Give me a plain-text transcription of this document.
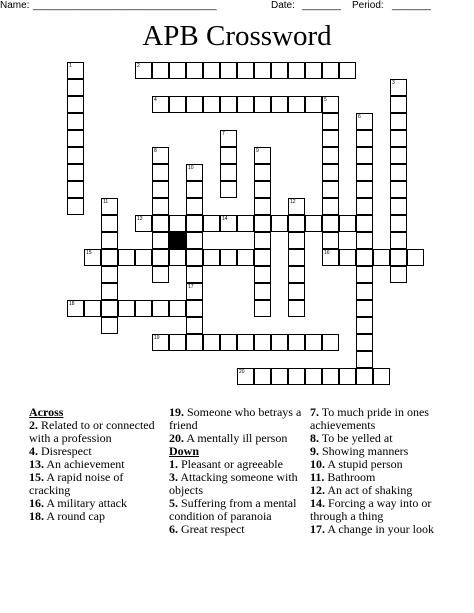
Name: _________________________________	Date: _______ Period: _______
APB Crossword
1	2
3
4	5
6
7
8	9
10
11	12
13	14
15	16
17
18
19
20
Across
2. Related to or connected with a profession
4. Disrespect
13. An achievement
15. A rapid noise of cracking
16. A military attack
18. A round cap
19. Someone who betrays a friend
20. A mentally ill person
Down
1. Pleasant or agreeable
3. Attacking someone with objects
5. Suffering from a mental condition of paranoia
6. Great respect
7. To much pride in ones achievements
8. To be yelled at
9. Showing manners
10. A stupid person
11. Bathroom
12. An act of shaking
14. Forcing a way into or through a thing
17. A change in your look
